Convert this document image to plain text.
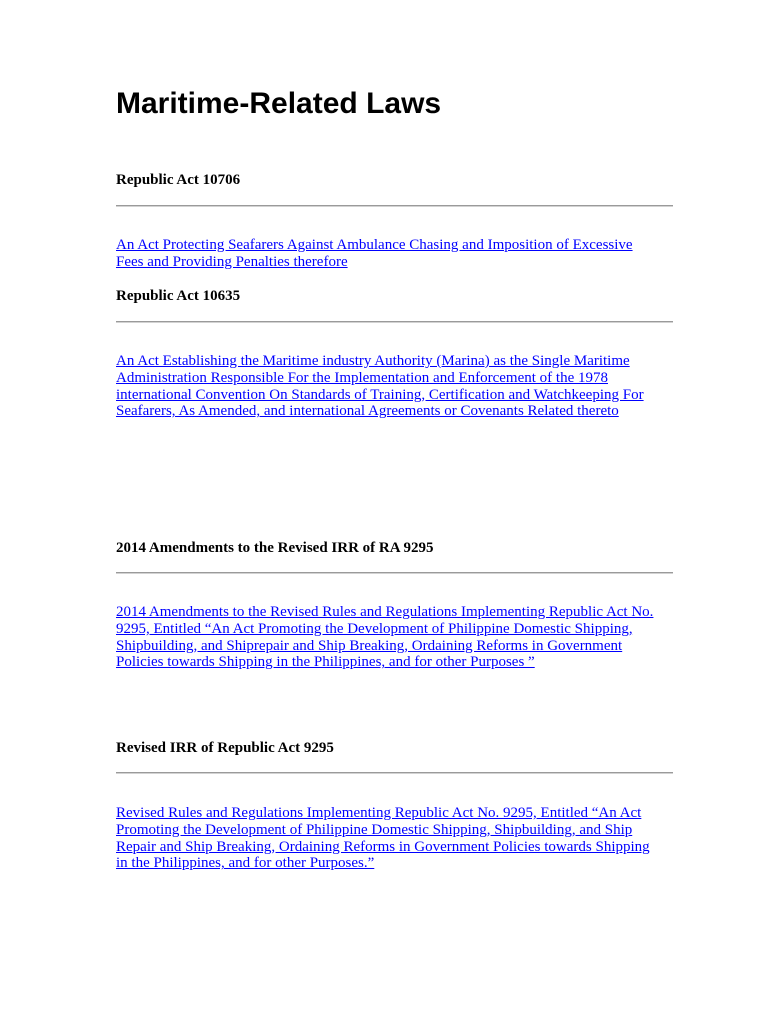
Maritime-Related Laws
Republic Act 10706
An Act Protecting Seafarers Against Ambulance Chasing and Imposition of Excessive Fees and Providing Penalties therefore
Republic Act 10635
An Act Establishing the Maritime industry Authority (Marina) as the Single Maritime Administration Responsible For the Implementation and Enforcement of the 1978 international Convention On Standards of Training, Certification and Watchkeeping For Seafarers, As Amended, and international Agreements or Covenants Related thereto
2014 Amendments to the Revised IRR of RA 9295
2014 Amendments to the Revised Rules and Regulations Implementing Republic Act No. 9295, Entitled “An Act Promoting the Development of Philippine Domestic Shipping, Shipbuilding, and Shiprepair and Ship Breaking, Ordaining Reforms in Government Policies towards Shipping in the Philippines, and for other Purposes ”
Revised IRR of Republic Act 9295
Revised Rules and Regulations Implementing Republic Act No. 9295, Entitled “An Act Promoting the Development of Philippine Domestic Shipping, Shipbuilding, and Ship Repair and Ship Breaking, Ordaining Reforms in Government Policies towards Shipping in the Philippines, and for other Purposes.”
